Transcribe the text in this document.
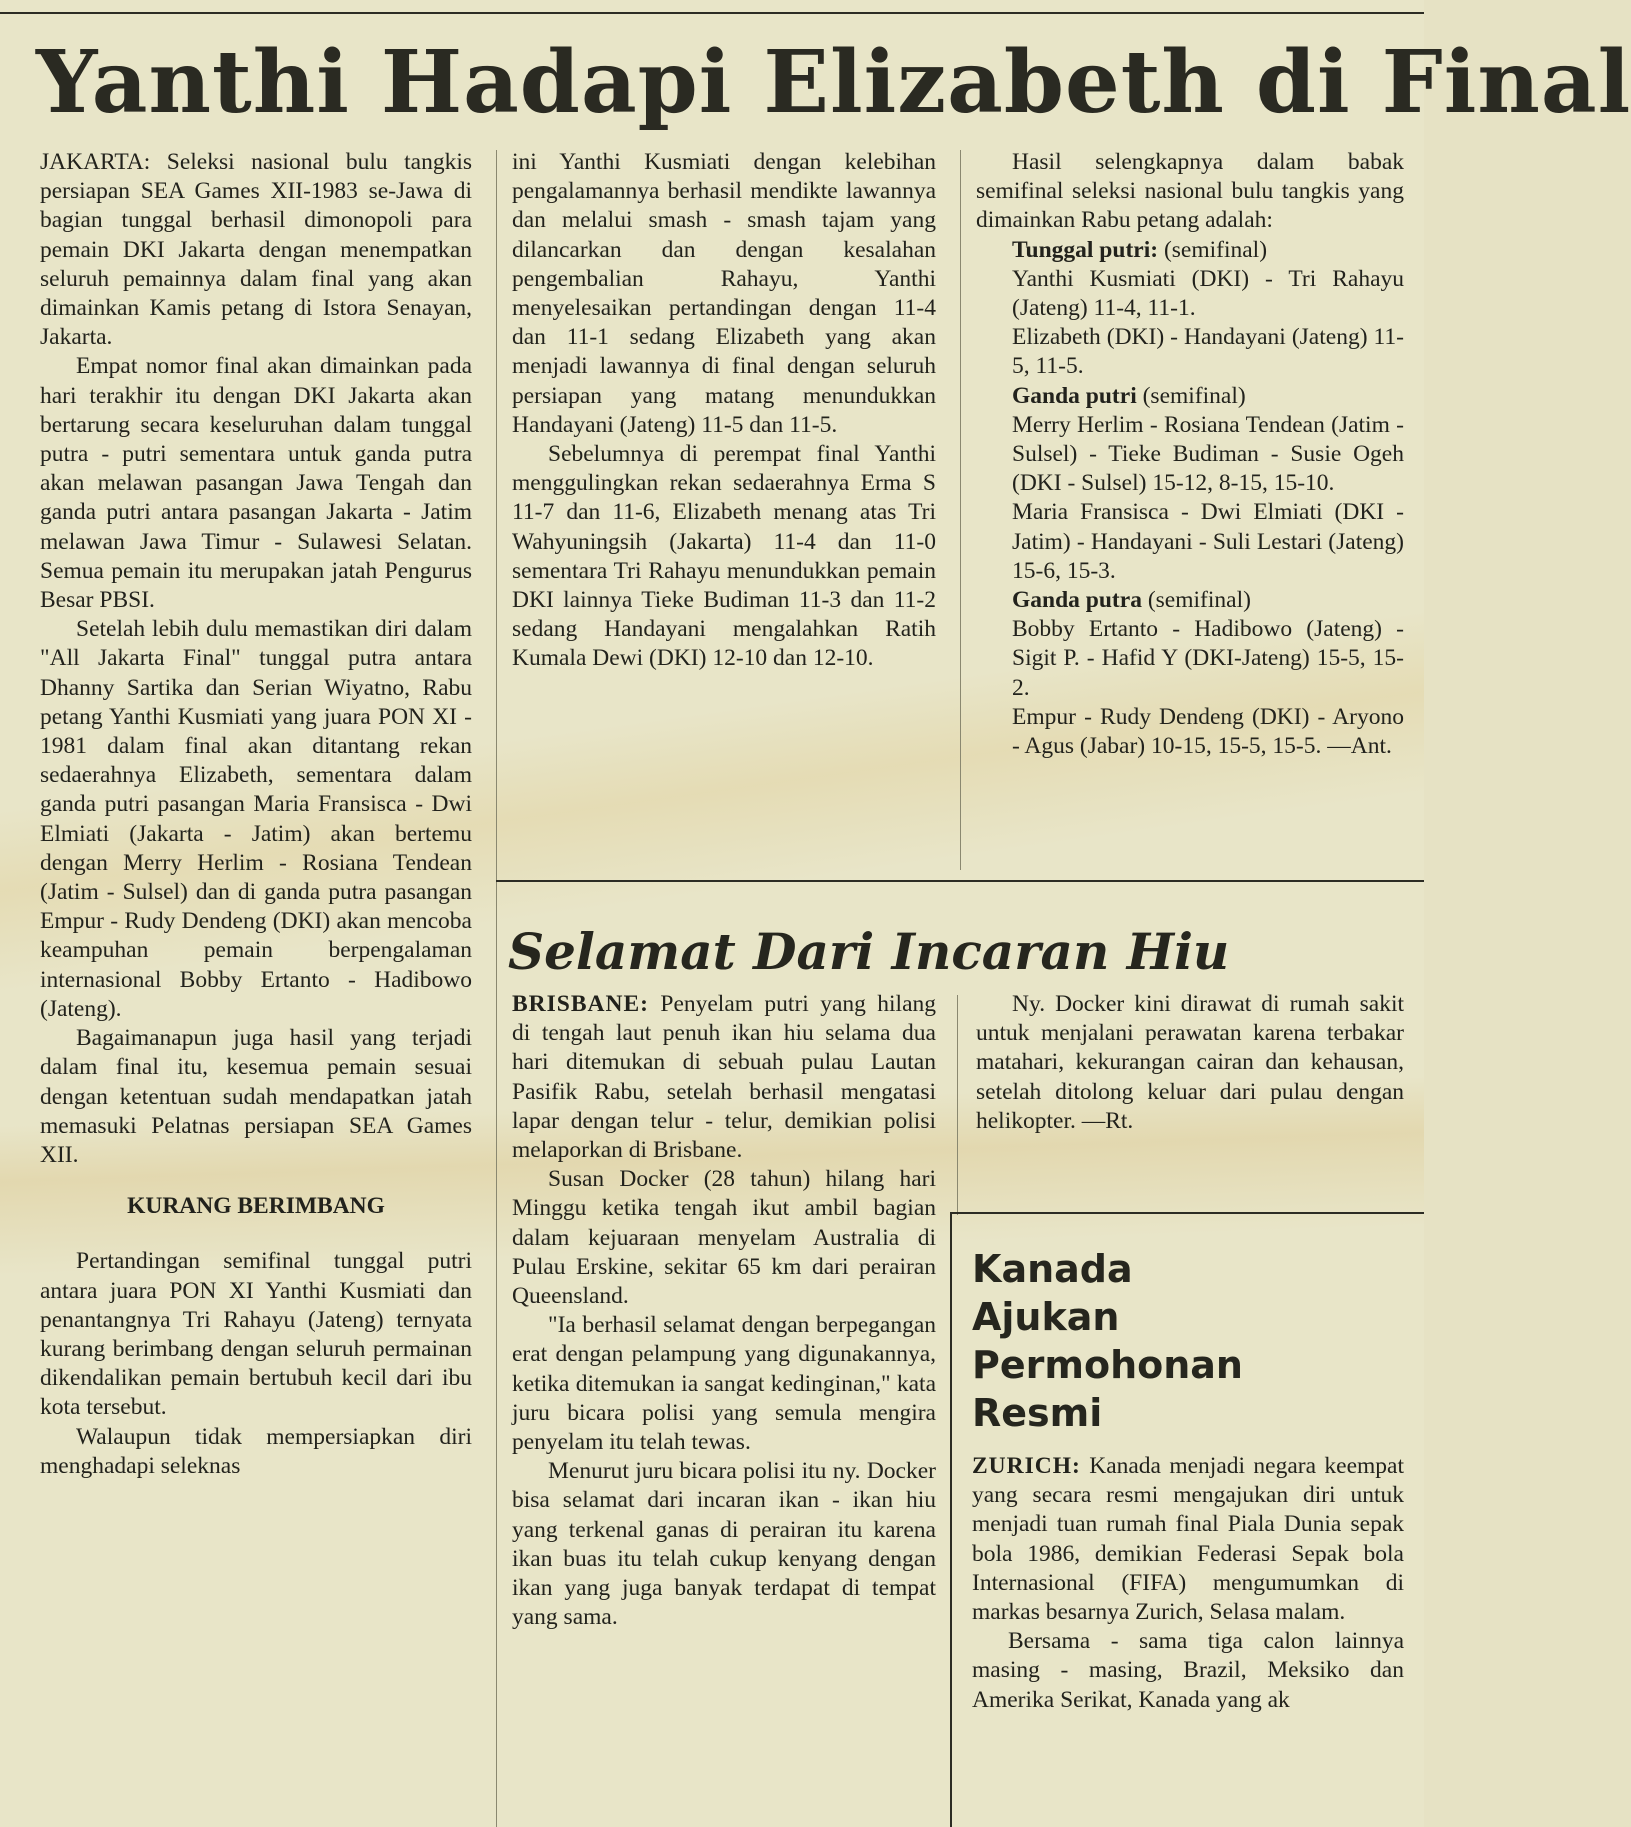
Yanthi Hadapi Elizabeth di Final

JAKARTA: Seleksi nasional bulu tangkis persiapan SEA Games XII-1983 se-Jawa di bagian tunggal berhasil dimonopoli para pemain DKI Jakarta dengan menempatkan seluruh pemainnya dalam final yang akan dimainkan Kamis petang di Istora Senayan, Jakarta.

Empat nomor final akan dimainkan pada hari terakhir itu dengan DKI Jakarta akan bertarung secara keseluruhan dalam tunggal putra - putri sementara untuk ganda putra akan melawan pasangan Jawa Tengah dan ganda putri antara pasangan Jakarta - Jatim melawan Jawa Timur - Sulawesi Selatan. Semua pemain itu merupakan jatah Pengurus Besar PBSI.

Setelah lebih dulu memastikan diri dalam "All Jakarta Final" tunggal putra antara Dhanny Sartika dan Serian Wiyatno, Rabu petang Yanthi Kusmiati yang juara PON XI - 1981 dalam final akan ditantang rekan sedaerahnya Elizabeth, sementara dalam ganda putri pasangan Maria Fransisca - Dwi Elmiati (Jakarta - Jatim) akan bertemu dengan Merry Herlim - Rosiana Tendean (Jatim - Sulsel) dan di ganda putra pasangan Empur - Rudy Dendeng (DKI) akan mencoba keampuhan pemain berpengalaman internasional Bobby Ertanto - Hadibowo (Jateng).

Bagaimanapun juga hasil yang terjadi dalam final itu, kesemua pemain sesuai dengan ketentuan sudah mendapatkan jatah memasuki Pelatnas persiapan SEA Games XII.

KURANG BERIMBANG

Pertandingan semifinal tunggal putri antara juara PON XI Yanthi Kusmiati dan penantangnya Tri Rahayu (Jateng) ternyata kurang berimbang dengan seluruh permainan dikendalikan pemain bertubuh kecil dari ibu kota tersebut.

Walaupun tidak mempersiapkan diri menghadapi seleknas

ini Yanthi Kusmiati dengan kelebihan pengalamannya berhasil mendikte lawannya dan melalui smash - smash tajam yang dilancarkan dan dengan kesalahan pengembalian Rahayu, Yanthi menyelesaikan pertandingan dengan 11-4 dan 11-1 sedang Elizabeth yang akan menjadi lawannya di final dengan seluruh persiapan yang matang menundukkan Handayani (Jateng) 11-5 dan 11-5.

Sebelumnya di perempat final Yanthi menggulingkan rekan sedaerahnya Erma S 11-7 dan 11-6, Elizabeth menang atas Tri Wahyuningsih (Jakarta) 11-4 dan 11-0 sementara Tri Rahayu menundukkan pemain DKI lainnya Tieke Budiman 11-3 dan 11-2 sedang Handayani mengalahkan Ratih Kumala Dewi (DKI) 12-10 dan 12-10.

Hasil selengkapnya dalam babak semifinal seleksi nasional bulu tangkis yang dimainkan Rabu petang adalah:

Tunggal putri: (semifinal)

Yanthi Kusmiati (DKI) - Tri Rahayu (Jateng) 11-4, 11-1.

Elizabeth (DKI) - Handayani (Jateng) 11-5, 11-5.

Ganda putri (semifinal)

Merry Herlim - Rosiana Tendean (Jatim - Sulsel) - Tieke Budiman - Susie Ogeh (DKI - Sulsel) 15-12, 8-15, 15-10.

Maria Fransisca - Dwi Elmiati (DKI - Jatim) - Handayani - Suli Lestari (Jateng) 15-6, 15-3.

Ganda putra (semifinal)

Bobby Ertanto - Hadibowo (Jateng) - Sigit P. - Hafid Y (DKI-Jateng) 15-5, 15-2.

Empur - Rudy Dendeng (DKI) - Aryono - Agus (Jabar) 10-15, 15-5, 15-5. —Ant.

Selamat Dari Incaran Hiu

BRISBANE: Penyelam putri yang hilang di tengah laut penuh ikan hiu selama dua hari ditemukan di sebuah pulau Lautan Pasifik Rabu, setelah berhasil mengatasi lapar dengan telur - telur, demikian polisi melaporkan di Brisbane.

Susan Docker (28 tahun) hilang hari Minggu ketika tengah ikut ambil bagian dalam kejuaraan menyelam Australia di Pulau Erskine, sekitar 65 km dari perairan Queensland.

"Ia berhasil selamat dengan berpegangan erat dengan pelampung yang digunakannya, ketika ditemukan ia sangat kedinginan," kata juru bicara polisi yang semula mengira penyelam itu telah tewas.

Menurut juru bicara polisi itu ny. Docker bisa selamat dari incaran ikan - ikan hiu yang terkenal ganas di perairan itu karena ikan buas itu telah cukup kenyang dengan ikan yang juga banyak terdapat di tempat yang sama.

Ny. Docker kini dirawat di rumah sakit untuk menjalani perawatan karena terbakar matahari, kekurangan cairan dan kehausan, setelah ditolong keluar dari pulau dengan helikopter. —Rt.

Kanada
Ajukan
Permohonan
Resmi

ZURICH: Kanada menjadi negara keempat yang secara resmi mengajukan diri untuk menjadi tuan rumah final Piala Dunia sepak bola 1986, demikian Federasi Sepak bola Internasional (FIFA) mengumumkan di markas besarnya Zurich, Selasa malam.

Bersama - sama tiga calon lainnya masing - masing, Brazil, Meksiko dan Amerika Serikat, Kanada yang ak
